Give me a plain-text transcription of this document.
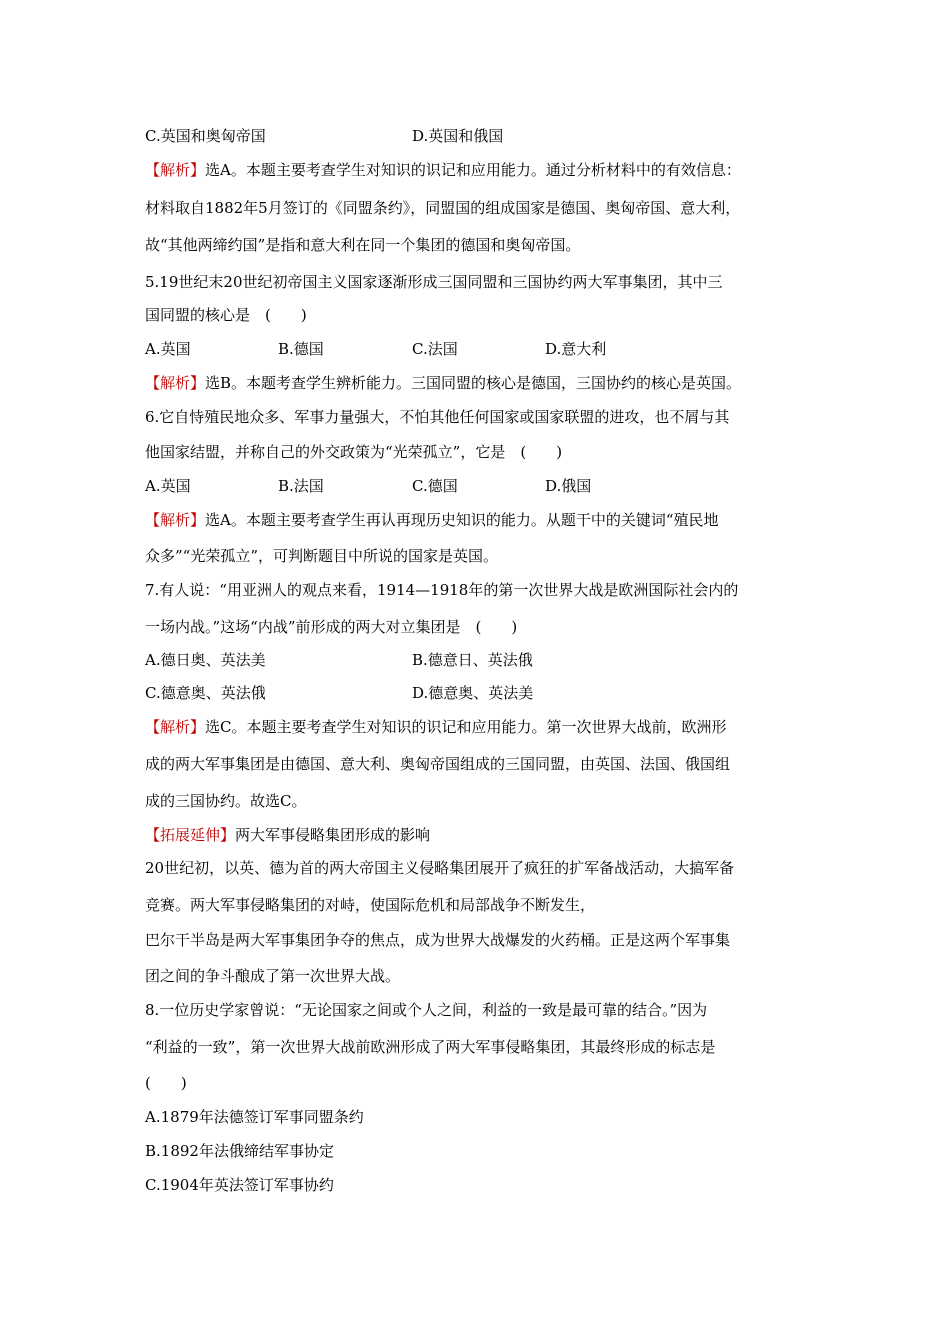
C.英国和奥匈帝国	D.英国和俄国
【解析】选A。本题主要考查学生对知识的识记和应用能力。通过分析材料中的有效信息：
材料取自1882年5月签订的《同盟条约》，同盟国的组成国家是德国、奥匈帝国、意大利，
故“其他两缔约国”是指和意大利在同一个集团的德国和奥匈帝国。
5.19世纪末20世纪初帝国主义国家逐渐形成三国同盟和三国协约两大军事集团，其中三
国同盟的核心是　(　　)
A.英国	B.德国	C.法国	D.意大利
【解析】选B。本题考查学生辨析能力。三国同盟的核心是德国，三国协约的核心是英国。
6.它自恃殖民地众多、军事力量强大，不怕其他任何国家或国家联盟的进攻，也不屑与其
他国家结盟，并称自己的外交政策为“光荣孤立”，它是　(　　)
A.英国	B.法国	C.德国	D.俄国
【解析】选A。本题主要考查学生再认再现历史知识的能力。从题干中的关键词“殖民地
众多”“光荣孤立”，可判断题目中所说的国家是英国。
7.有人说：“用亚洲人的观点来看，1914—1918年的第一次世界大战是欧洲国际社会内的
一场内战。”这场“内战”前形成的两大对立集团是　(　　)
A.德日奥、英法美	B.德意日、英法俄
C.德意奥、英法俄	D.德意奥、英法美
【解析】选C。本题主要考查学生对知识的识记和应用能力。第一次世界大战前，欧洲形
成的两大军事集团是由德国、意大利、奥匈帝国组成的三国同盟，由英国、法国、俄国组
成的三国协约。故选C。
【拓展延伸】两大军事侵略集团形成的影响
20世纪初，以英、德为首的两大帝国主义侵略集团展开了疯狂的扩军备战活动，大搞军备
竞赛。两大军事侵略集团的对峙，使国际危机和局部战争不断发生，
巴尔干半岛是两大军事集团争夺的焦点，成为世界大战爆发的火药桶。正是这两个军事集
团之间的争斗酿成了第一次世界大战。
8.一位历史学家曾说：“无论国家之间或个人之间，利益的一致是最可靠的结合。”因为
“利益的一致”，第一次世界大战前欧洲形成了两大军事侵略集团，其最终形成的标志是
(　　)
A.1879年法德签订军事同盟条约
B.1892年法俄缔结军事协定
C.1904年英法签订军事协约
